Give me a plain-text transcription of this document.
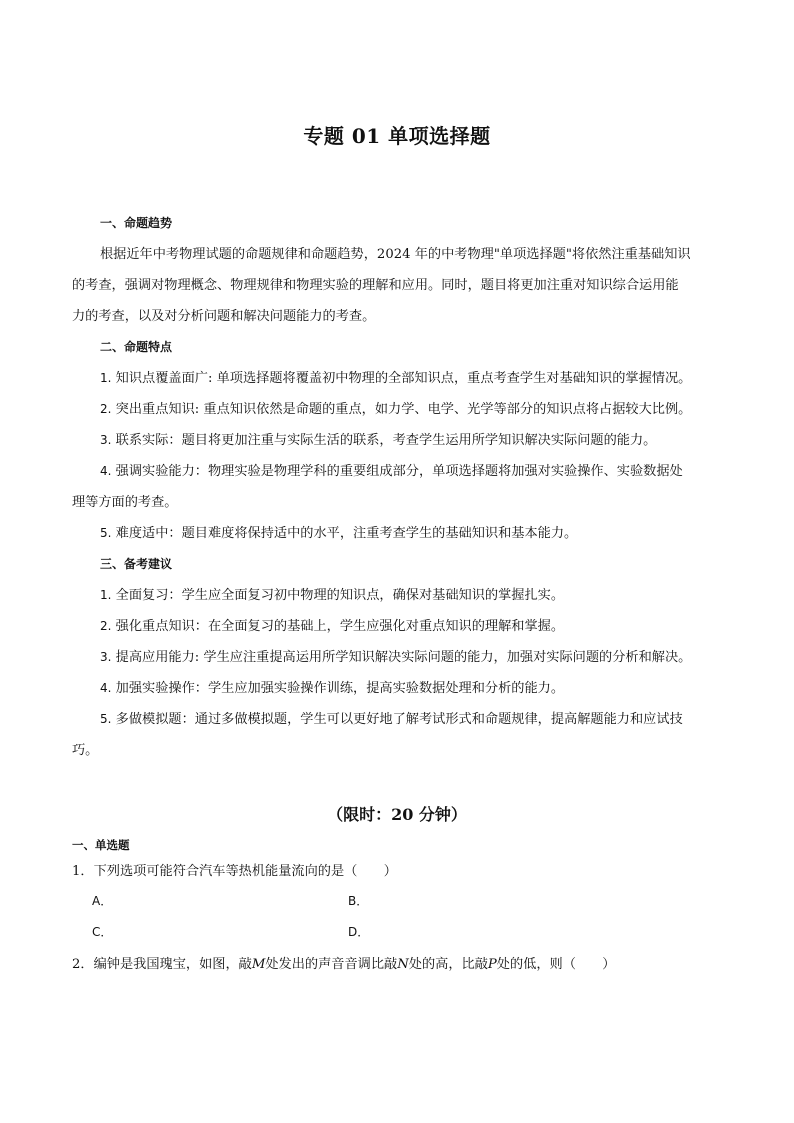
专题 01 单项选择题
一、命题趋势

根据近年中考物理试题的命题规律和命题趋势，2024 年的中考物理"单项选择题"将依然注重基础知识

的考查，强调对物理概念、物理规律和物理实验的理解和应用。同时，题目将更加注重对知识综合运用能

力的考查，以及对分析问题和解决问题能力的考查。

二、命题特点

1. 知识点覆盖面广: 单项选择题将覆盖初中物理的全部知识点，重点考查学生对基础知识的掌握情况。

2. 突出重点知识: 重点知识依然是命题的重点，如力学、电学、光学等部分的知识点将占据较大比例。

3. 联系实际：题目将更加注重与实际生活的联系，考查学生运用所学知识解决实际问题的能力。

4. 强调实验能力：物理实验是物理学科的重要组成部分，单项选择题将加强对实验操作、实验数据处

理等方面的考查。

5. 难度适中：题目难度将保持适中的水平，注重考查学生的基础知识和基本能力。

三、备考建议

1. 全面复习：学生应全面复习初中物理的知识点，确保对基础知识的掌握扎实。

2. 强化重点知识：在全面复习的基础上，学生应强化对重点知识的理解和掌握。

3. 提高应用能力: 学生应注重提高运用所学知识解决实际问题的能力，加强对实际问题的分析和解决。

4. 加强实验操作：学生应加强实验操作训练，提高实验数据处理和分析的能力。

5. 多做模拟题：通过多做模拟题，学生可以更好地了解考试形式和命题规律，提高解题能力和应试技

巧。

（限时：20 分钟）
一、单选题
1．下列选项可能符合汽车等热机能量流向的是（　　）
A．	B．
C．	D．
2．编钟是我国瑰宝，如图，敲M处发出的声音音调比敲N处的高，比敲P处的低，则（　　）
